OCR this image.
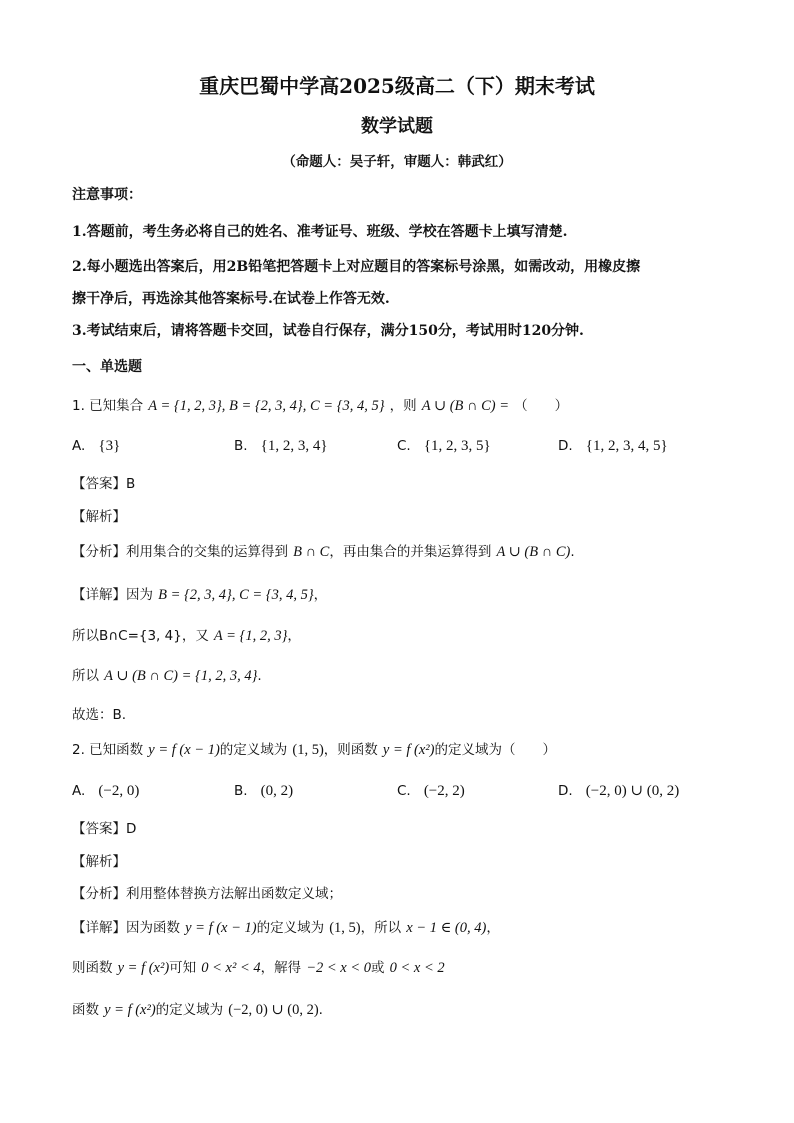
重庆巴蜀中学高2025级高二（下）期末考试
数学试题
（命题人：吴子轩，审题人：韩武红）
注意事项：
1.答题前，考生务必将自己的姓名、准考证号、班级、学校在答题卡上填写清楚.
2.每小题选出答案后，用2B铅笔把答题卡上对应题目的答案标号涂黑，如需改动，用橡皮擦
擦干净后，再选涂其他答案标号.在试卷上作答无效.
3.考试结束后，请将答题卡交回，试卷自行保存，满分150分，考试用时120分钟.
一、单选题
1. 已知集合 A = {1, 2, 3}, B = {2, 3, 4}, C = {3, 4, 5} ，则 A ∪ (B ∩ C) = （　　）
A. {3}	B. {1, 2, 3, 4}	C. {1, 2, 3, 5}	D. {1, 2, 3, 4, 5}
【答案】B
【解析】
【分析】利用集合的交集的运算得到 B ∩ C，再由集合的并集运算得到 A ∪ (B ∩ C).
【详解】因为 B = {2, 3, 4}, C = {3, 4, 5}，
所以B∩C={3, 4}，又 A = {1, 2, 3}，
所以 A ∪ (B ∩ C) = {1, 2, 3, 4}.
故选：B.
2. 已知函数 y = f (x − 1)的定义域为 (1, 5)，则函数 y = f (x²)的定义域为（　　）
A. (−2, 0)	B. (0, 2)	C. (−2, 2)	D. (−2, 0) ∪ (0, 2)
【答案】D
【解析】
【分析】利用整体替换方法解出函数定义域；
【详解】因为函数 y = f (x − 1)的定义域为 (1, 5)，所以 x − 1 ∈ (0, 4)，
则函数 y = f (x²)可知 0 < x² < 4，解得 −2 < x < 0或 0 < x < 2
函数 y = f (x²)的定义域为 (−2, 0) ∪ (0, 2).
